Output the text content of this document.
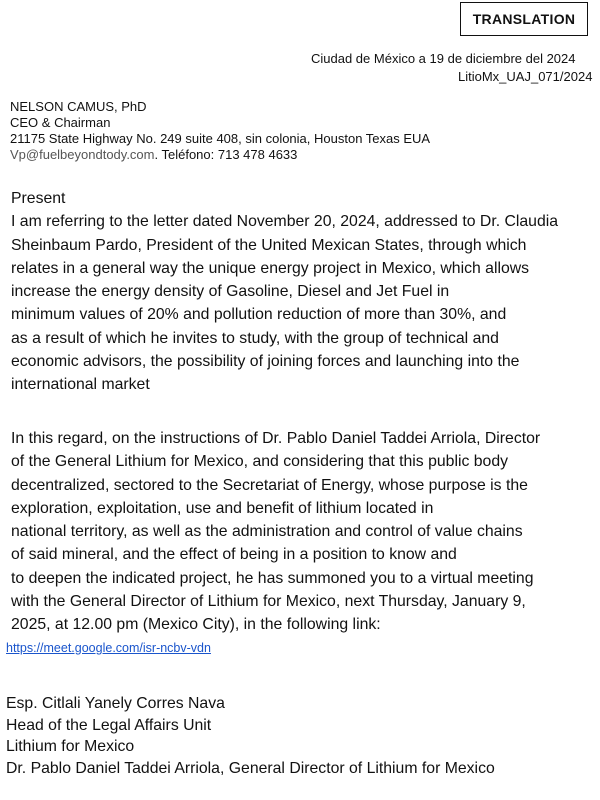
TRANSLATION
Ciudad de México a 19 de diciembre del 2024
LitioMx_UAJ_071/2024
NELSON CAMUS, PhD
CEO & Chairman
21175 State Highway No. 249 suite 408, sin colonia, Houston Texas EUA
Vp@fuelbeyondtody.com. Teléfono: 713 478 4633
Present
I am referring to the letter dated November 20, 2024, addressed to Dr. Claudia
Sheinbaum Pardo, President of the United Mexican States, through which
relates in a general way the unique energy project in Mexico, which allows
increase the energy density of Gasoline, Diesel and Jet Fuel in
minimum values of 20% and pollution reduction of more than 30%, and
as a result of which he invites to study, with the group of technical and
economic advisors, the possibility of joining forces and launching into the
international market
In this regard, on the instructions of Dr. Pablo Daniel Taddei Arriola, Director
of the General Lithium for Mexico, and considering that this public body
decentralized, sectored to the Secretariat of Energy, whose purpose is the
exploration, exploitation, use and benefit of lithium located in
national territory, as well as the administration and control of value chains
of said mineral, and the effect of being in a position to know and
to deepen the indicated project, he has summoned you to a virtual meeting
with the General Director of Lithium for Mexico, next Thursday, January 9,
2025, at 12.00 pm (Mexico City), in the following link:
https://meet.google.com/isr-ncbv-vdn
Esp. Citlali Yanely Corres Nava
Head of the Legal Affairs Unit
Lithium for Mexico
Dr. Pablo Daniel Taddei Arriola, General Director of Lithium for Mexico
